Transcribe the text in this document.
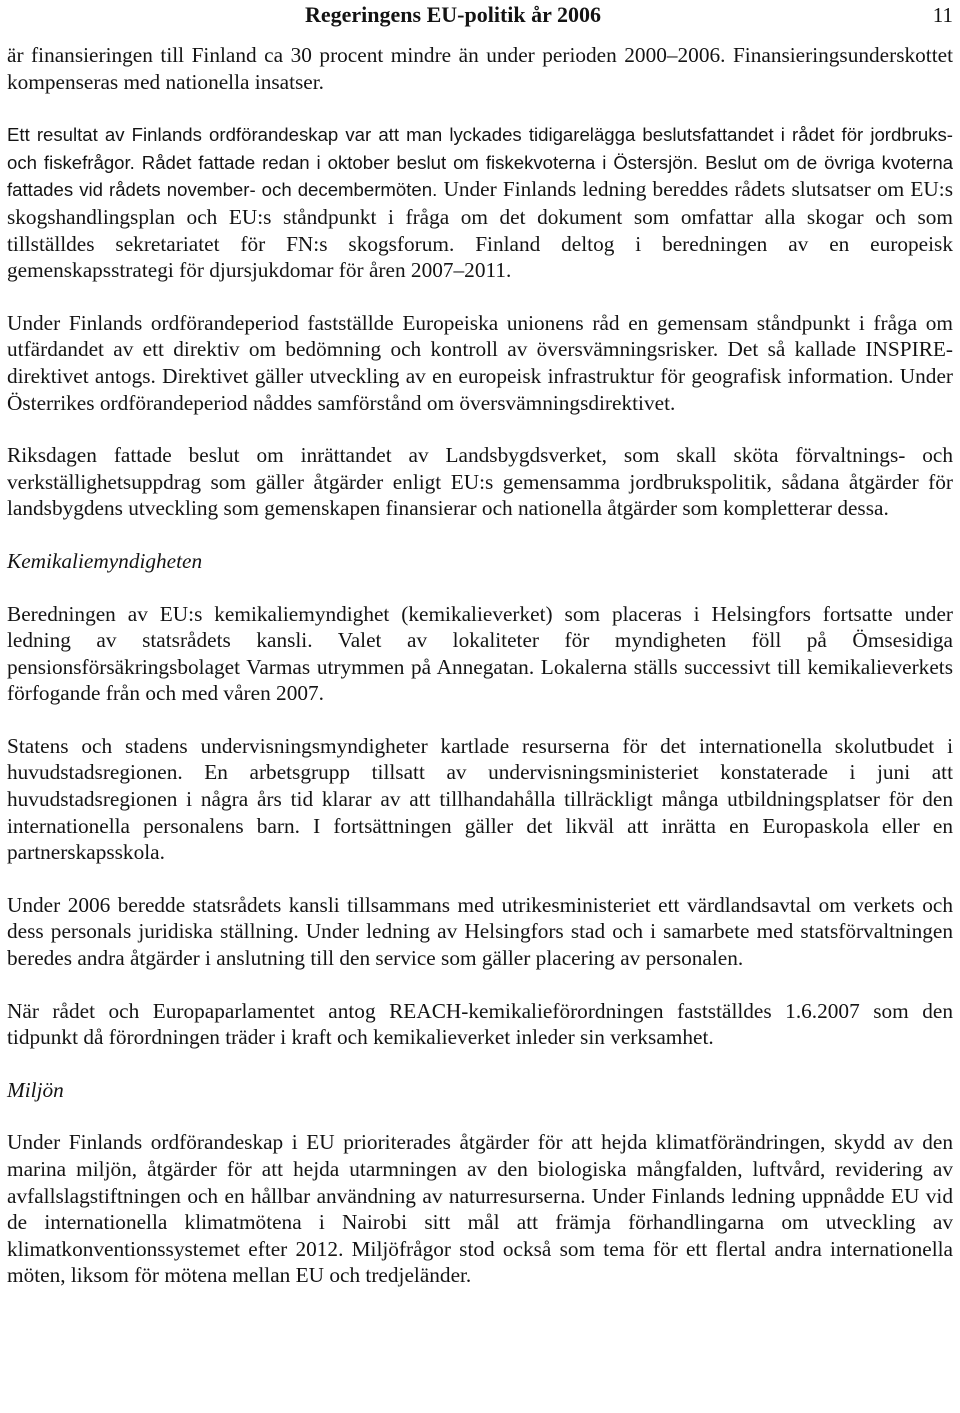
Regeringens EU-politik år 2006	11

är finansieringen till Finland ca 30 procent mindre än under perioden 2000–2006. Finansieringsunderskottet kompenseras med nationella insatser.

Ett resultat av Finlands ordförandeskap var att man lyckades tidigarelägga beslutsfattandet i rådet för jordbruks- och fiskefrågor. Rådet fattade redan i oktober beslut om fiskekvoterna i Östersjön. Beslut om de övriga kvoterna fattades vid rådets november- och decembermöten. Under Finlands ledning bereddes rådets slutsatser om EU:s skogshandlingsplan och EU:s ståndpunkt i fråga om det dokument som omfattar alla skogar och som tillställdes sekretariatet för FN:s skogsforum. Finland deltog i beredningen av en europeisk gemenskapsstrategi för djursjukdomar för åren 2007–2011.

Under Finlands ordförandeperiod fastställde Europeiska unionens råd en gemensam ståndpunkt i fråga om utfärdandet av ett direktiv om bedömning och kontroll av översvämningsrisker. Det så kallade INSPIRE-direktivet antogs. Direktivet gäller utveckling av en europeisk infrastruktur för geografisk information. Under Österrikes ordförandeperiod nåddes samförstånd om översvämningsdirektivet.

Riksdagen fattade beslut om inrättandet av Landsbygdsverket, som skall sköta förvaltnings- och verkställighetsuppdrag som gäller åtgärder enligt EU:s gemensamma jordbrukspolitik, sådana åtgärder för landsbygdens utveckling som gemenskapen finansierar och nationella åtgärder som kompletterar dessa.

Kemikaliemyndigheten

Beredningen av EU:s kemikaliemyndighet (kemikalieverket) som placeras i Helsingfors fortsatte under ledning av statsrådets kansli. Valet av lokaliteter för myndigheten föll på Ömsesidiga pensionsförsäkringsbolaget Varmas utrymmen på Annegatan. Lokalerna ställs successivt till kemikalieverkets förfogande från och med våren 2007.

Statens och stadens undervisningsmyndigheter kartlade resurserna för det internationella skolutbudet i huvudstadsregionen. En arbetsgrupp tillsatt av undervisningsministeriet konstaterade i juni att huvudstadsregionen i några års tid klarar av att tillhandahålla tillräckligt många utbildningsplatser för den internationella personalens barn. I fortsättningen gäller det likväl att inrätta en Europaskola eller en partnerskapsskola.

Under 2006 beredde statsrådets kansli tillsammans med utrikesministeriet ett värdlandsavtal om verkets och dess personals juridiska ställning. Under ledning av Helsingfors stad och i samarbete med statsförvaltningen beredes andra åtgärder i anslutning till den service som gäller placering av personalen.

När rådet och Europaparlamentet antog REACH-kemikalieförordningen fastställdes 1.6.2007 som den tidpunkt då förordningen träder i kraft och kemikalieverket inleder sin verksamhet.

Miljön

Under Finlands ordförandeskap i EU prioriterades åtgärder för att hejda klimatförändringen, skydd av den marina miljön, åtgärder för att hejda utarmningen av den biologiska mångfalden, luftvård, revidering av avfallslagstiftningen och en hållbar användning av naturresurserna. Under Finlands ledning uppnådde EU vid de internationella klimatmötena i Nairobi sitt mål att främja förhandlingarna om utveckling av klimatkonventionssystemet efter 2012. Miljöfrågor stod också som tema för ett flertal andra internationella möten, liksom för mötena mellan EU och tredjeländer.
